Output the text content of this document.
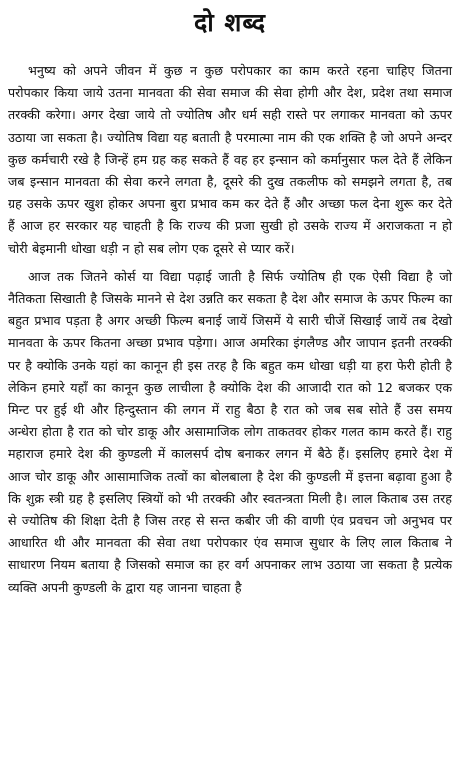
दो शब्द

भनुष्य को अपने जीवन में कुछ न कुछ परोपकार का काम करते रहना चाहिए जितना परोपकार किया जाये उतना मानवता की सेवा समाज की सेवा होगी और देश, प्रदेश तथा समाज तरक्की करेगा। अगर देखा जाये तो ज्योतिष और धर्म सही रास्ते पर लगाकर मानवता को ऊपर उठाया जा सकता है। ज्योतिष विद्या यह बताती है परमात्मा नाम की एक शक्ति है जो अपने अन्दर कुछ कर्मचारी रखे है जिन्हें हम ग्रह कह सकते हैं वह हर इन्सान को कर्मानुसार फल देते हैं लेकिन जब इन्सान मानवता की सेवा करने लगता है, दूसरे की दुख तकलीफ को समझने लगता है, तब ग्रह उसके ऊपर खुश होकर अपना बुरा प्रभाव कम कर देते हैं और अच्छा फल देना शुरू कर देते हैं आज हर सरकार यह चाहती है कि राज्य की प्रजा सुखी हो उसके राज्य में अराजकता न हो चोरी बेइमानी धोखा धड़ी न हो सब लोग एक दूसरे से प्यार करें।

आज तक जितने कोर्स या विद्या पढ़ाई जाती है सिर्फ ज्योतिष ही एक ऐसी विद्या है जो नैतिकता सिखाती है जिसके मानने से देश उन्नति कर सकता है देश और समाज के ऊपर फिल्म का बहुत प्रभाव पड़ता है अगर अच्छी फिल्म बनाई जायें जिसमें ये सारी चीजें सिखाई जायें तब देखो मानवता के ऊपर कितना अच्छा प्रभाव पड़ेगा। आज अमरिका इंगलैण्ड और जापान इतनी तरक्की पर है क्योकि उनके यहां का कानून ही इस तरह है कि बहुत कम धोखा धड़ी या हरा फेरी होती है लेकिन हमारे यहाँ का कानून कुछ लाचीला है क्योकि देश की आजादी रात को 12 बजकर एक मिन्ट पर हुई थी और हिन्दुस्तान की लगन में राहु बैठा है रात को जब सब सोते हैं उस समय अन्धेरा होता है रात को चोर डाकू और असामाजिक लोग ताकतवर होकर गलत काम करते हैं। राहु महाराज हमारे देश की कुण्डली में कालसर्प दोष बनाकर लगन में बैठे हैं। इसलिए हमारे देश में आज चोर डाकू और आसामाजिक तत्वों का बोलबाला है देश की कुण्डली में इत्तना बढ़ावा हुआ है कि शुक्र स्त्री ग्रह है इसलिए स्त्रियों को भी तरक्की और स्वतन्त्रता मिली है। लाल किताब उस तरह से ज्योतिष की शिक्षा देती है जिस तरह से सन्त कबीर जी की वाणी एंव प्रवचन जो अनुभव पर आधारित थी और मानवता की सेवा तथा परोपकार एंव समाज सुधार के लिए लाल किताब ने साधारण नियम बताया है जिसको समाज का हर वर्ग अपनाकर लाभ उठाया जा सकता है प्रत्येक व्यक्ति अपनी कुण्डली के द्वारा यह जानना चाहता है
